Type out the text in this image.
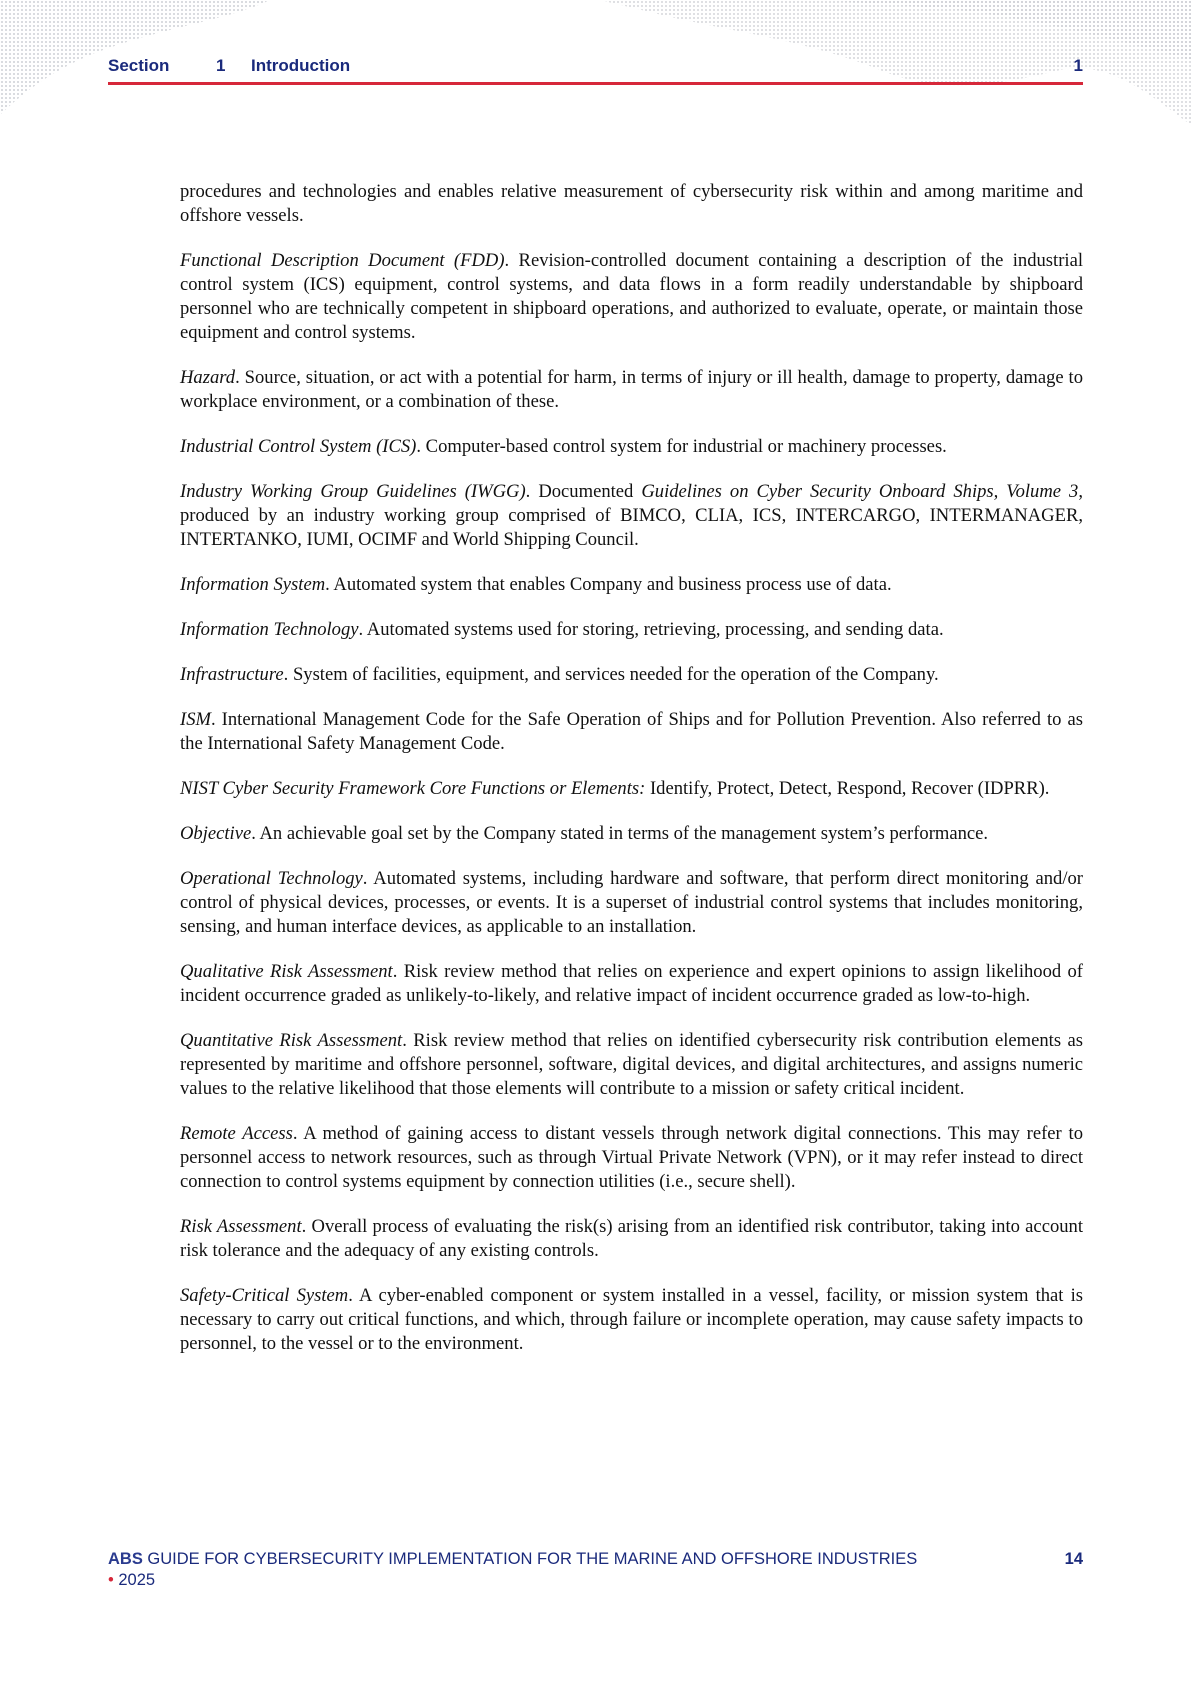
Section	1 Introduction	1

procedures and technologies and enables relative measurement of cybersecurity risk within and among maritime and offshore vessels.

Functional Description Document (FDD). Revision-controlled document containing a description of the industrial control system (ICS) equipment, control systems, and data flows in a form readily understandable by shipboard personnel who are technically competent in shipboard operations, and authorized to evaluate, operate, or maintain those equipment and control systems.

Hazard. Source, situation, or act with a potential for harm, in terms of injury or ill health, damage to property, damage to workplace environment, or a combination of these.

Industrial Control System (ICS). Computer-based control system for industrial or machinery processes.

Industry Working Group Guidelines (IWGG). Documented Guidelines on Cyber Security Onboard Ships, Volume 3, produced by an industry working group comprised of BIMCO, CLIA, ICS, INTERCARGO, INTERMANAGER, INTERTANKO, IUMI, OCIMF and World Shipping Council.

Information System. Automated system that enables Company and business process use of data.

Information Technology. Automated systems used for storing, retrieving, processing, and sending data.

Infrastructure. System of facilities, equipment, and services needed for the operation of the Company.

ISM. International Management Code for the Safe Operation of Ships and for Pollution Prevention. Also referred to as the International Safety Management Code.

NIST Cyber Security Framework Core Functions or Elements: Identify, Protect, Detect, Respond, Recover (IDPRR).

Objective. An achievable goal set by the Company stated in terms of the management system’s performance.

Operational Technology. Automated systems, including hardware and software, that perform direct monitoring and/or control of physical devices, processes, or events. It is a superset of industrial control systems that includes monitoring, sensing, and human interface devices, as applicable to an installation.

Qualitative Risk Assessment. Risk review method that relies on experience and expert opinions to assign likelihood of incident occurrence graded as unlikely-to-likely, and relative impact of incident occurrence graded as low-to-high.

Quantitative Risk Assessment. Risk review method that relies on identified cybersecurity risk contribution elements as represented by maritime and offshore personnel, software, digital devices, and digital architectures, and assigns numeric values to the relative likelihood that those elements will contribute to a mission or safety critical incident.

Remote Access. A method of gaining access to distant vessels through network digital connections. This may refer to personnel access to network resources, such as through Virtual Private Network (VPN), or it may refer instead to direct connection to control systems equipment by connection utilities (i.e., secure shell).

Risk Assessment. Overall process of evaluating the risk(s) arising from an identified risk contributor, taking into account risk tolerance and the adequacy of any existing controls.

Safety-Critical System. A cyber-enabled component or system installed in a vessel, facility, or mission system that is necessary to carry out critical functions, and which, through failure or incomplete operation, may cause safety impacts to personnel, to the vessel or to the environment.

ABS GUIDE FOR CYBERSECURITY IMPLEMENTATION FOR THE MARINE AND OFFSHORE INDUSTRIES
• 2025
14
